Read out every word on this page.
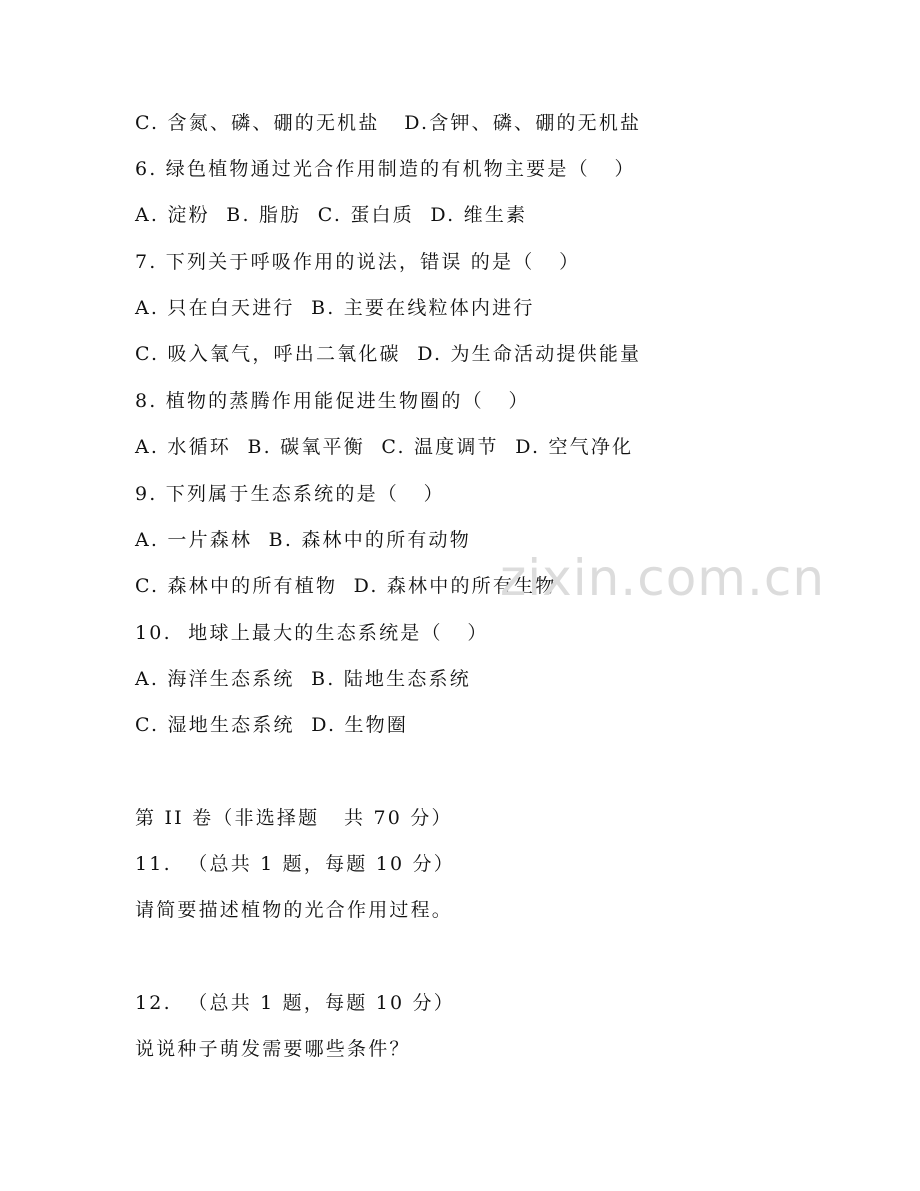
C. 含氮、磷、硼的无机盐   D.含钾、磷、硼的无机盐
6. 绿色植物通过光合作用制造的有机物主要是（   ）
A. 淀粉  B. 脂肪  C. 蛋白质  D. 维生素
7. 下列关于呼吸作用的说法，错误 的是（   ）
A. 只在白天进行  B. 主要在线粒体内进行
C. 吸入氧气，呼出二氧化碳  D. 为生命活动提供能量
8. 植物的蒸腾作用能促进生物圈的（   ）
A. 水循环  B. 碳氧平衡  C. 温度调节  D. 空气净化
9. 下列属于生态系统的是（   ）
A. 一片森林  B. 森林中的所有动物
C. 森林中的所有植物  D. 森林中的所有生物
10.  地球上最大的生态系统是（   ）
A. 海洋生态系统  B. 陆地生态系统
C. 湿地生态系统  D. 生物圈
第 II 卷（非选择题   共 70 分）
11.  （总共 1 题，每题 10 分）
请简要描述植物的光合作用过程。
12.  （总共 1 题，每题 10 分）
说说种子萌发需要哪些条件？
zixin.com.cn
